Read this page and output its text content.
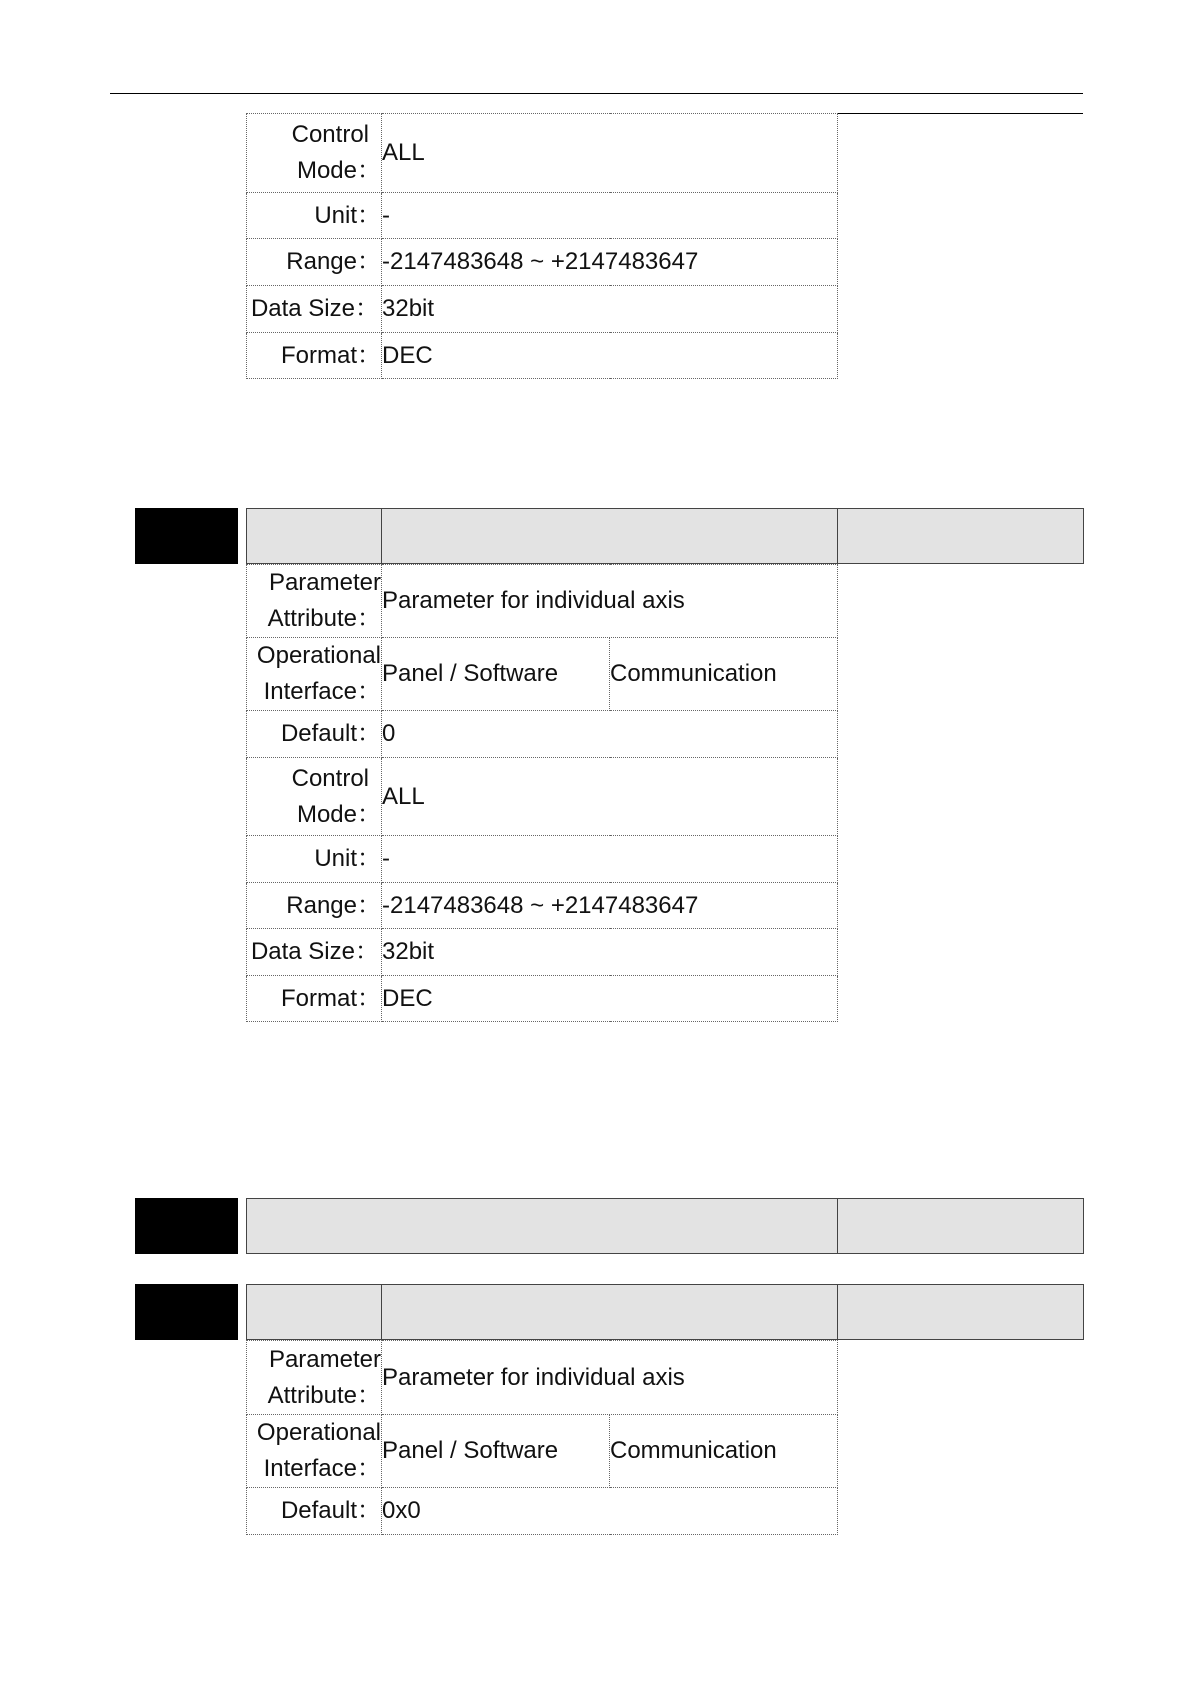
Control
Mode：	ALL
Unit：	-
Range：	-2147483648 ~ +2147483647
Data Size：	32bit
Format：	DEC
Parameter
Attribute：	Parameter for individual axis	

Operational
Interface：	Panel / Software	Communication
Default：	0	

Control
Mode：	ALL	
Unit：	-	
Range：	-2147483648 ~ +2147483647	
Data Size：	32bit	
Format：	DEC	
Parameter
Attribute：	Parameter for individual axis	

Operational
Interface：	Panel / Software	Communication
Default：	0x0	
